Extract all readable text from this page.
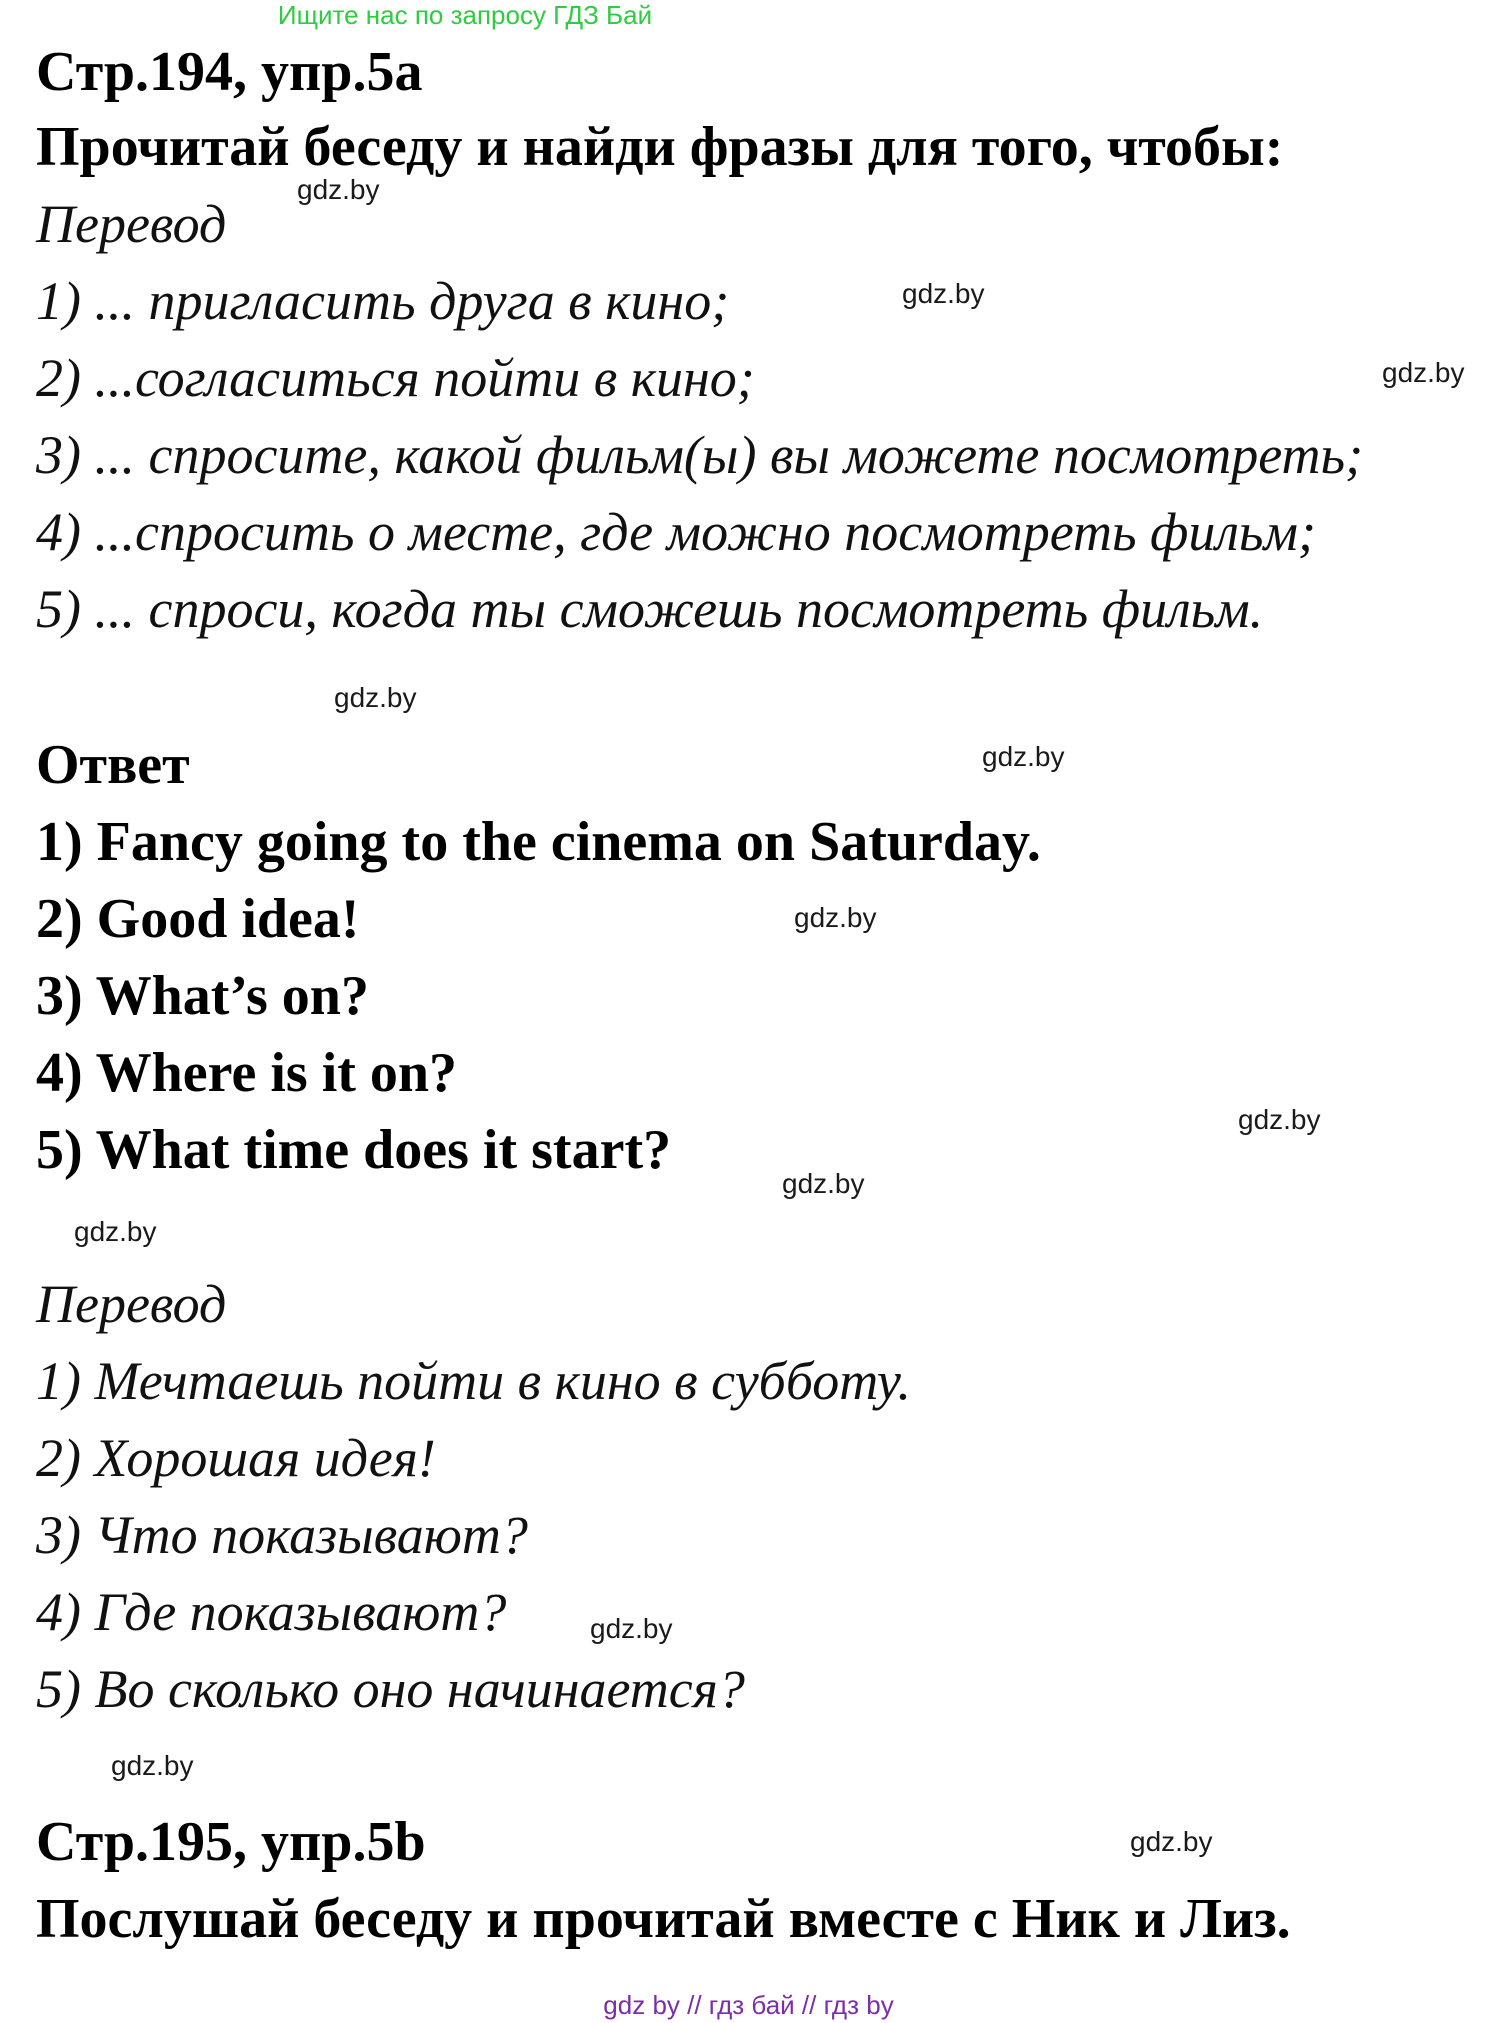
Ищите нас по запросу ГДЗ Бай
Стр.194, упр.5а
Прочитай беседу и найди фразы для того, чтобы:
Перевод
1) ... пригласить друга в кино;
2) ...согласиться пойти в кино;
3) ... спросите, какой фильм(ы) вы можете посмотреть;
4) ...спросить о месте, где можно посмотреть фильм;
5) ... спроси, когда ты сможешь посмотреть фильм.
Ответ
1) Fancy going to the cinema on Saturday.
2) Good idea!
3) What’s on?
4) Where is it on?
5) What time does it start?
Перевод
1) Мечтаешь пойти в кино в субботу.
2) Хорошая идея!
3) Что показывают?
4) Где показывают?
5) Во сколько оно начинается?
Стр.195, упр.5b
Послушай беседу и прочитай вместе с Ник и Лиз.
gdz.by
gdz.by
gdz.by
gdz.by
gdz.by
gdz.by
gdz.by
gdz.by
gdz.by
gdz.by
gdz.by
gdz.by
gdz by // гдз бай // гдз by
